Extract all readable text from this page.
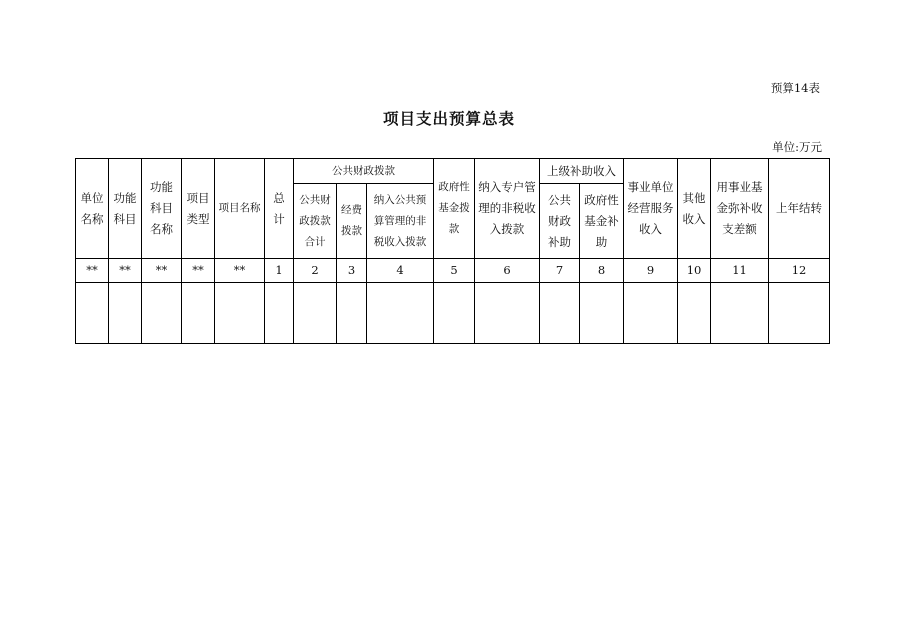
预算14表
项目支出预算总表
单位:万元
单位名称	功能科目	功能科目名称	项目类型	项目名称	总计	公共财政拨款			政府性基金拨款	纳入专户管理的非税收入拨款	上级补助收入		事业单位经营服务收入	其他收入	用事业基金弥补收支差额	上年结转
						公共财政拨款合计	经费拨款	纳入公共预算管理的非税收入拨款			公共财政补助	政府性基金补助				
**	**	**	**	**	1	2	3	4	5	6	7	8	9	10	11	12
